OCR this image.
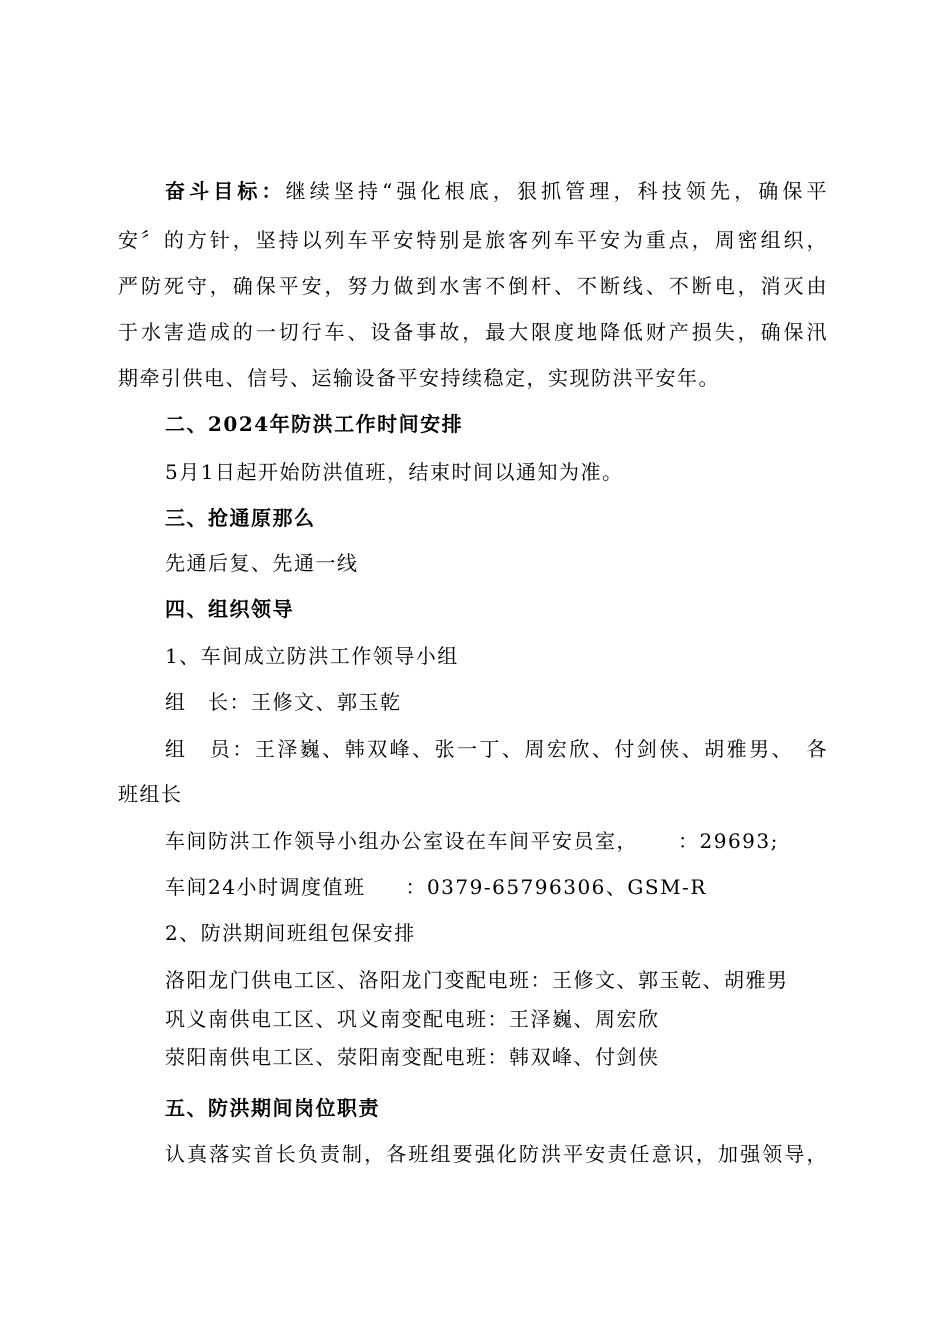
奋斗目标：继续坚持“强化根底，狠抓管理，科技领先，确保平
安〞的方针，坚持以列车平安特别是旅客列车平安为重点，周密组织，
严防死守，确保平安，努力做到水害不倒杆、不断线、不断电，消灭由
于水害造成的一切行车、设备事故，最大限度地降低财产损失，确保汛
期牵引供电、信号、运输设备平安持续稳定，实现防洪平安年。
二、2024年防洪工作时间安排
5月1日起开始防洪值班，结束时间以通知为准。
三、抢通原那么
先通后复、先通一线
四、组织领导
1、车间成立防洪工作领导小组
组　长：王修文、郭玉乾
组　员：王泽巍、韩双峰、张一丁、周宏欣、付剑侠、胡雅男、　各
班组长
车间防洪工作领导小组办公室设在车间平安员室， ：29693;
车间24小时调度值班 ：0379-65796306、GSM-R
2、防洪期间班组包保安排
洛阳龙门供电工区、洛阳龙门变配电班：王修文、郭玉乾、胡雅男
巩义南供电工区、巩义南变配电班：王泽巍、周宏欣
荥阳南供电工区、荥阳南变配电班：韩双峰、付剑侠
五、防洪期间岗位职责
认真落实首长负责制，各班组要强化防洪平安责任意识，加强领导，
